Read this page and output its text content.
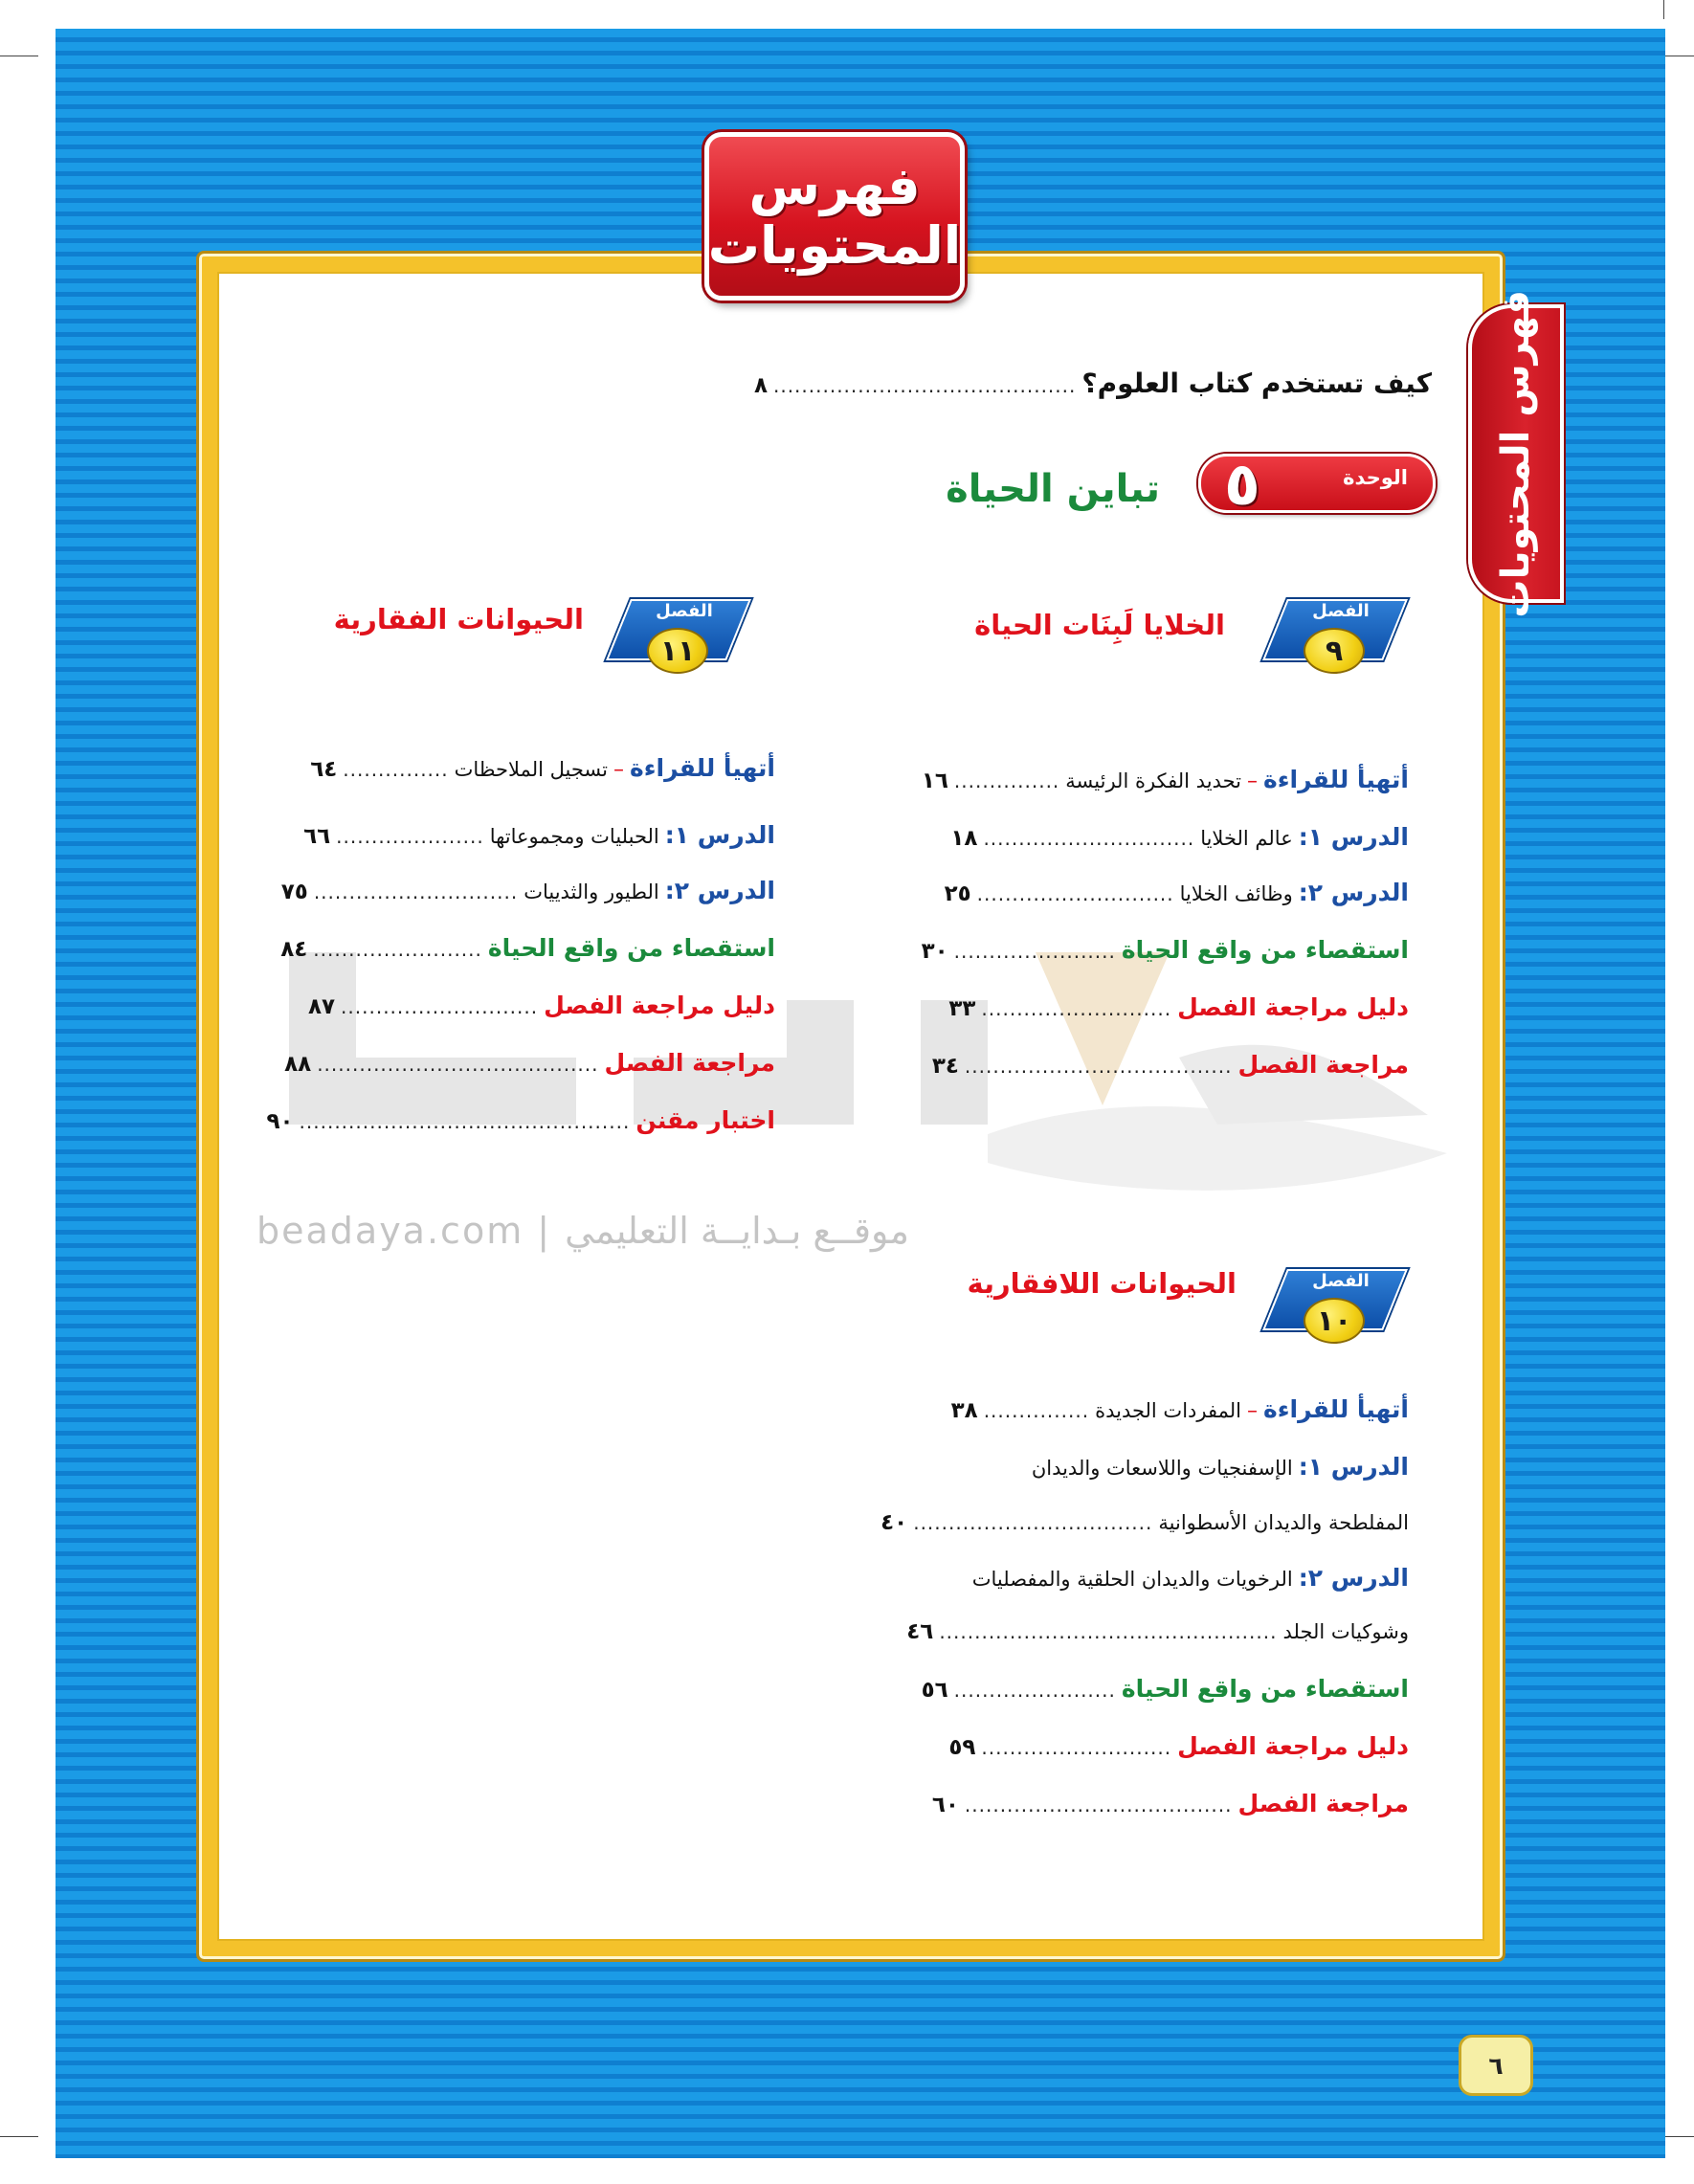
beadaya.com | موقــع بـدايــة التعليمي
فهرس
المحتويات
فهرس المحتويات
كيف تستخدم كتاب العلوم؟
...........................................
٨
الوحدة
٥
تباين الحياة
الفصل
٩
الخلايا لَبِنَات الحياة
الفصل
١١
الحيوانات الفقارية
الفصل
١٠
الحيوانات اللافقارية
أتهيأ للقراءة
–
تحديد الفكرة الرئيسة
...............
١٦
الدرس ١:
عالم الخلايا
..............................
١٨
الدرس ٢:
وظائف الخلايا
............................
٢٥
استقصاء من واقع الحياة
.......................
٣٠
دليل مراجعة الفصل
...........................
٣٣
مراجعة الفصل
......................................
٣٤
أتهيأ للقراءة
–
تسجيل الملاحظات
...............
٦٤
الدرس ١:
الحبليات ومجموعاتها
.....................
٦٦
الدرس ٢:
الطيور والثدييات
.............................
٧٥
استقصاء من واقع الحياة
........................
٨٤
دليل مراجعة الفصل
............................
٨٧
مراجعة الفصل
........................................
٨٨
اختبار مقنن
...............................................
٩٠
أتهيأ للقراءة
–
المفردات الجديدة
...............
٣٨
الدرس ١:
الإسفنجيات واللاسعات والديدان
المفلطحة والديدان الأسطوانية
..................................
٤٠
الدرس ٢:
الرخويات والديدان الحلقية والمفصليات
وشوكيات الجلد
................................................
٤٦
استقصاء من واقع الحياة
.......................
٥٦
دليل مراجعة الفصل
...........................
٥٩
مراجعة الفصل
......................................
٦٠
٦
